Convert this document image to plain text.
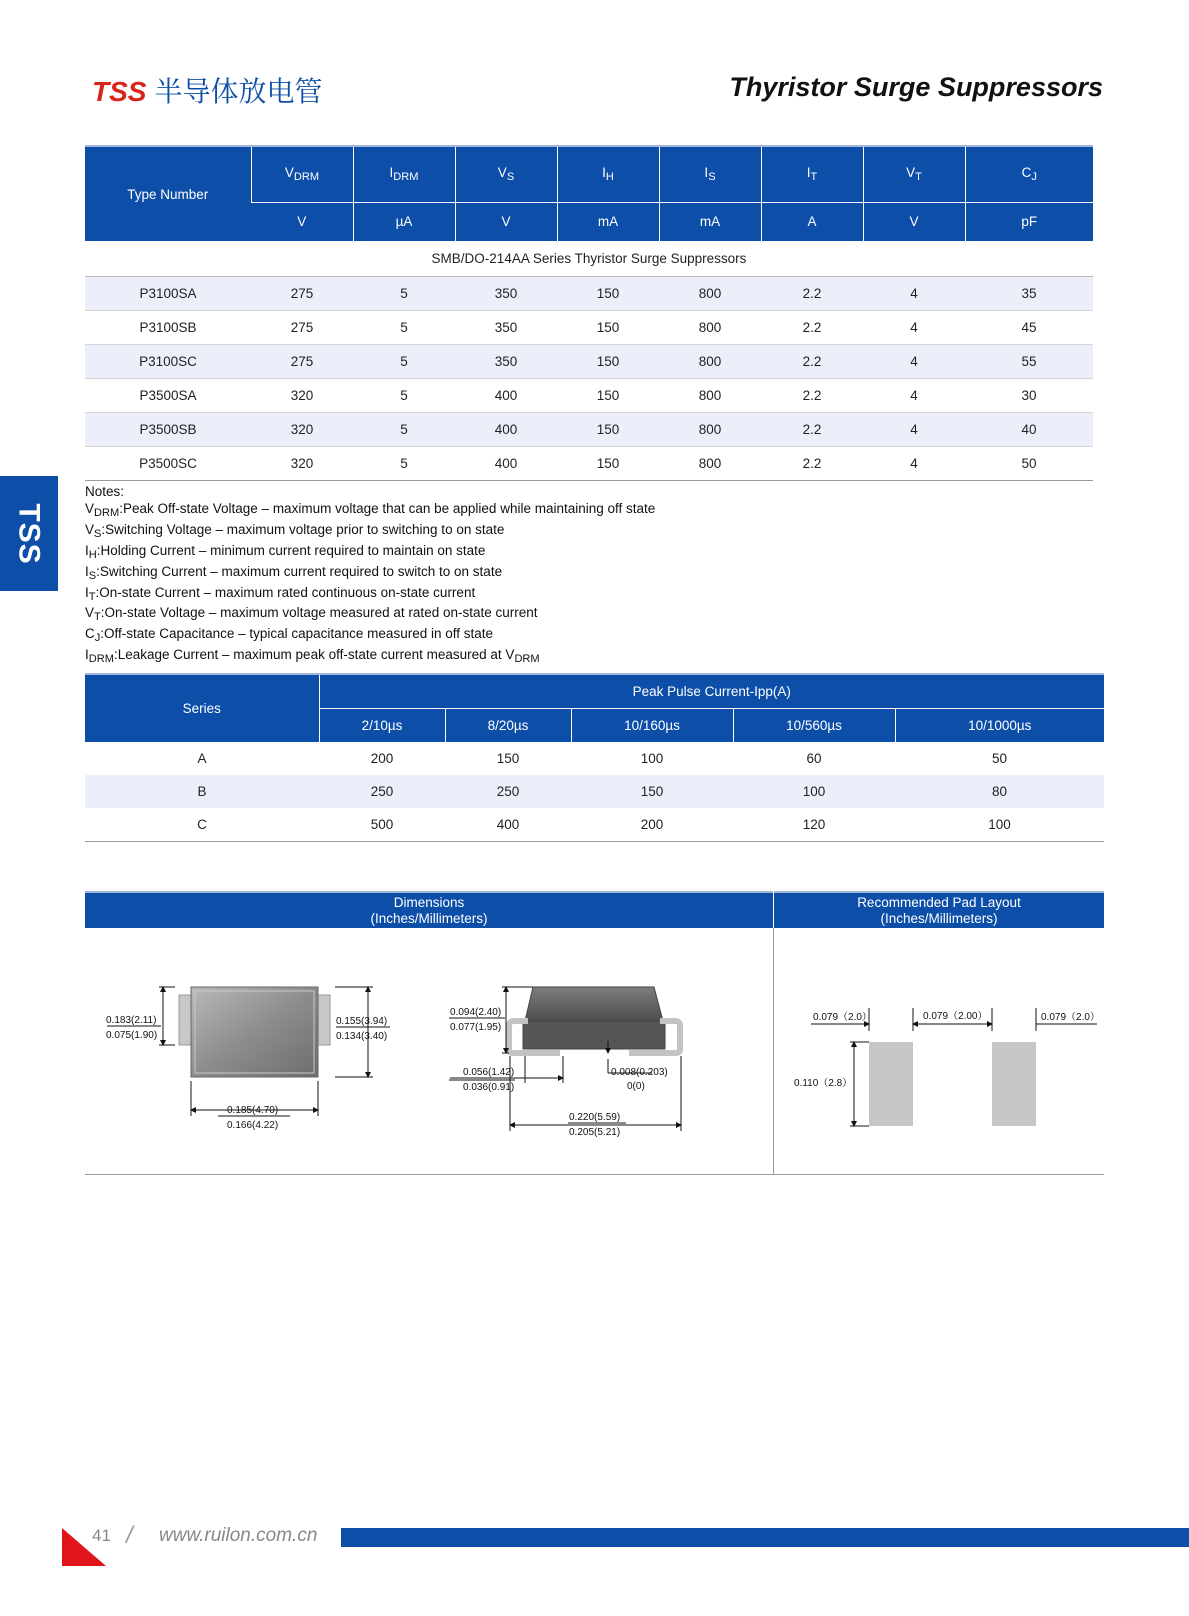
TSS 半导体放电管	Thyristor Surge Suppressors
TSS
Type Number	$V_{DRM}$	$I_{DRM}$	$V_S$	$I_H$	$I_S$	$I_T$	$V_T$	$C_J$
	V	µA	V	mA	mA	A	V	pF
SMB/DO-214AA Series Thyristor Surge Suppressors								
P3100SA	275	5	350	150	800	2.2	4	35
P3100SB	275	5	350	150	800	2.2	4	45
P3100SC	275	5	350	150	800	2.2	4	55
P3500SA	320	5	400	150	800	2.2	4	30
P3500SB	320	5	400	150	800	2.2	4	40
P3500SC	320	5	400	150	800	2.2	4	50
Notes:
$V_{DRM}:Peak$ Off-state Voltage – maximum voltage that can be applied while maintaining off state
$V_S:Switching$ Voltage – maximum voltage prior to switching to on state
$I_H:Holding$ Current – minimum current required to maintain on state
$I_S:Switching$ Current – maximum current required to switch to on state
$I_T:On$-state Current – maximum rated continuous on-state current
$V_T:On$-state Voltage – maximum voltage measured at rated on-state current
$C_J:Off$-state Capacitance – typical capacitance measured in off state
$I_{DRM}:Leakage$ Current – maximum peak off-state current measured at $V_{DRM}$
Series	Peak Pulse Current-Ipp(A)				
	2/10µs	8/20µs	10/160µs	10/560µs	10/1000µs
A	200	150	100	60	50
B	250	250	150	100	80
C	500	400	200	120	100
Dimensions
(Inches/Millimeters)
Recommended Pad Layout
(Inches/Millimeters)
0.183(2.11)
0.075(1.90)
0.155(3.94)
0.134(3.40)
0.185(4.70)
0.166(4.22)
0.094(2.40)
0.077(1.95)
0.056(1.42)
0.036(0.91)
0.008(0.203)
0(0)
0.220(5.59)
0.205(5.21)
0.079（2.0）	0.079（2.00）	0.079（2.0）
0.110（2.8）
41 / www.ruilon.com.cn
